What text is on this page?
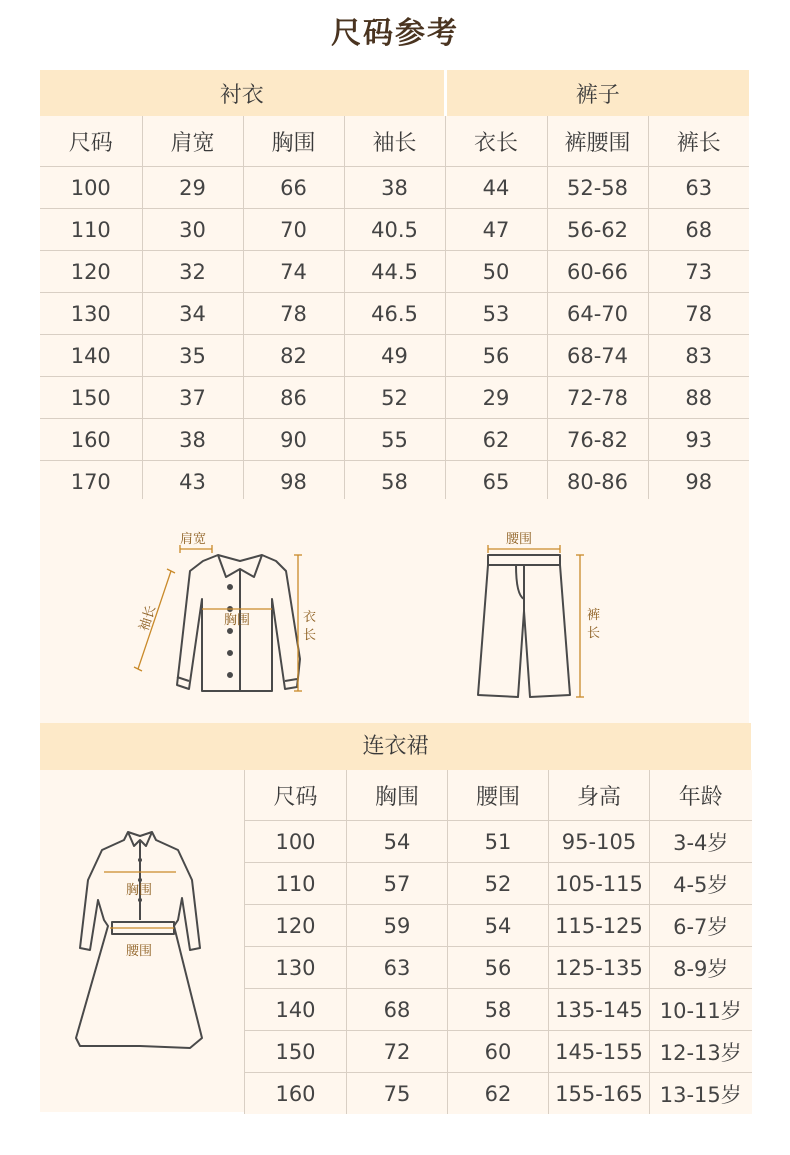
尺码参考
衬衣				裤子		
尺码	肩宽	胸围	袖长	衣长	裤腰围	裤长
100	29	66	38	44	52-58	63
110	30	70	40.5	47	56-62	68
120	32	74	44.5	50	60-66	73
130	34	78	46.5	53	64-70	78
140	35	82	49	56	68-74	83
150	37	86	52	29	72-78	88
160	38	90	55	62	76-82	93
170	43	98	58	65	80-86	98
肩宽
胸围
袖长	衣
长
腰围
裤
长
连衣裙
胸围
腰围
尺码	胸围	腰围	身高	年龄
100	54	51	95-105	3-4岁
110	57	52	105-115	4-5岁
120	59	54	115-125	6-7岁
130	63	56	125-135	8-9岁
140	68	58	135-145	10-11岁
150	72	60	145-155	12-13岁
160	75	62	155-165	13-15岁
